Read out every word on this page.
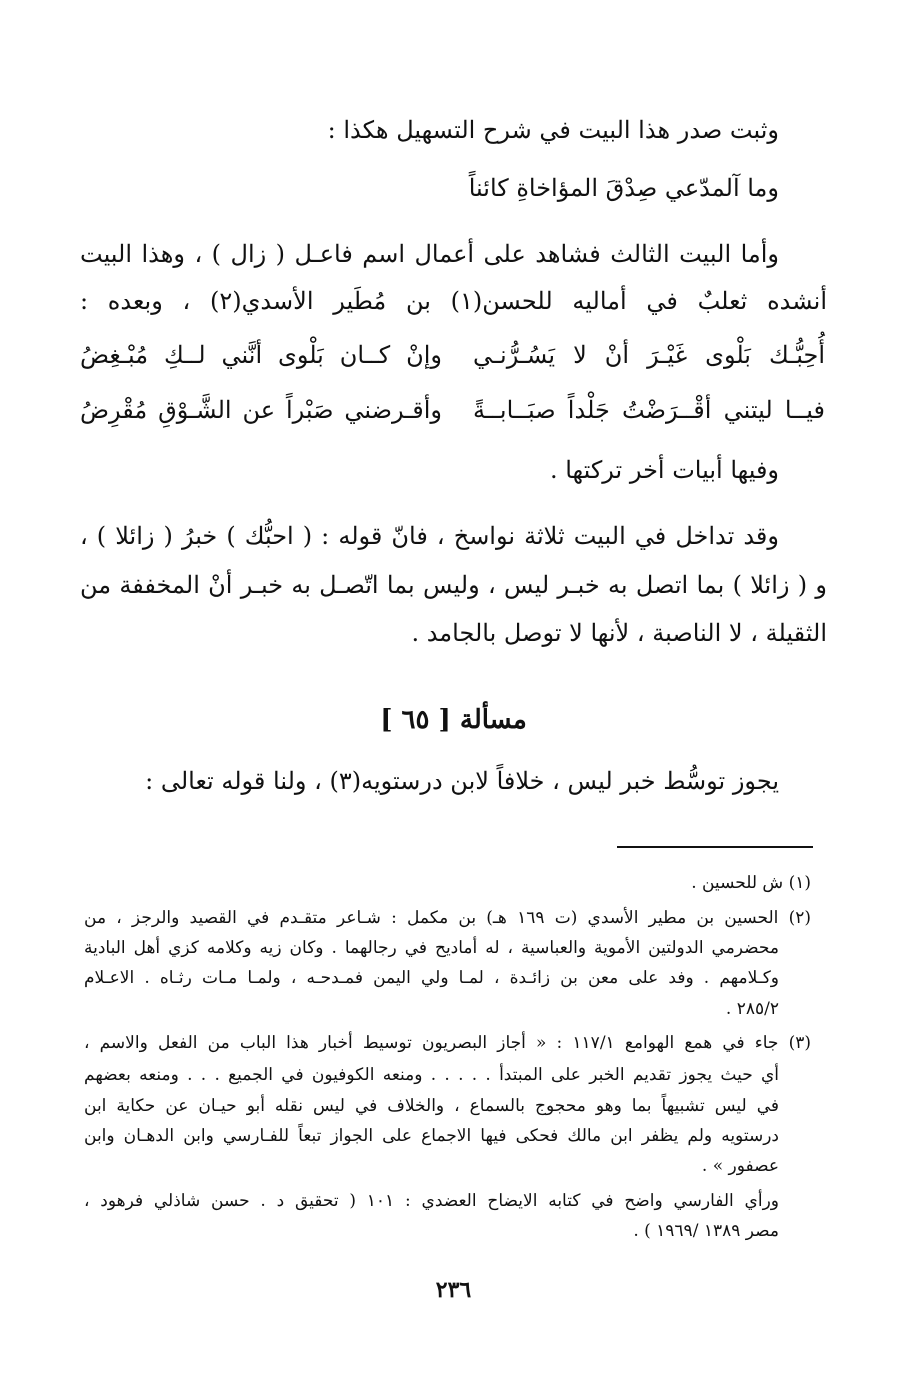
وثبت صدر هذا البيت في شرح التسهيل هكذا :
وما آلمدّعي صِدْقَ المؤاخاةِ كائناً
وأما البيت الثالث فشاهد على أعمال اسم فاعـل ( زال ) ، وهذا البيت
أنشده ثعلبٌ في أماليه للحسن(١) بن مُطَير الأسدي(٢) ، وبعده :
أُحِبُّـك بَلْوى غَيْـرَ أنْ لا يَسُـرُّنـي
وإنْ كــان بَلْوى أنَّني لــكِ مُبْـغِضُ
فيــا ليتني أقْــرَضْتُ جَلْداً صبَــابــةً
وأقـرضني صَبْراً عن الشَّـوْقِ مُقْرِضُ
وفيها أبيات أخر تركتها .
وقد تداخل في البيت ثلاثة نواسخ ، فانّ قوله : ( احبُّك ) خبرُ ( زائلا ) ،
و ( زائلا ) بما اتصل به خبـر ليس ، وليس بما اتّصـل به خبـر أنْ المخففة من
الثقيلة ، لا الناصبة ، لأنها لا توصل بالجامد .
مسألة [ ٦٥ ]
يجوز توسُّط خبر ليس ، خلافاً لابن درستويه(٣) ، ولنا قوله تعالى :
(١) ش للحسين .
(٢) الحسين بن مطير الأسدي (ت ١٦٩ هـ) بن مكمل : شـاعر متقـدم في القصيد والرجز ، من
محضرمي الدولتين الأموية والعباسية ، له أماديح في رجالهما . وكان زيه وكلامه كزي أهل البادية
وكـلامهم . وفد على معن بن زائـدة ، لمـا ولي اليمن فمـدحـه ، ولمـا مـات رثـاه . الاعـلام
٢٨٥/٢ .
(٣) جاء في همع الهوامع ١١٧/١ : « أجاز البصريون توسيط أخبار هذا الباب من الفعل والاسم ،
أي حيث يجوز تقديم الخبر على المبتدأ . . . . . ومنعه الكوفيون في الجميع . . . ومنعه بعضهم
في ليس تشبيهاً بما وهو محجوج بالسماع ، والخلاف في ليس نقله أبو حيـان عن حكاية ابن
درستويه ولم يظفر ابن مالك فحكى فيها الاجماع على الجواز تبعاً للفـارسي وابن الدهـان وابن
عصفور » .
ورأي الفارسي واضح في كتابه الايضاح العضدي : ١٠١ ( تحقيق د . حسن شاذلي فرهود ،
مصر ١٣٨٩ /١٩٦٩ ) .
٢٣٦
